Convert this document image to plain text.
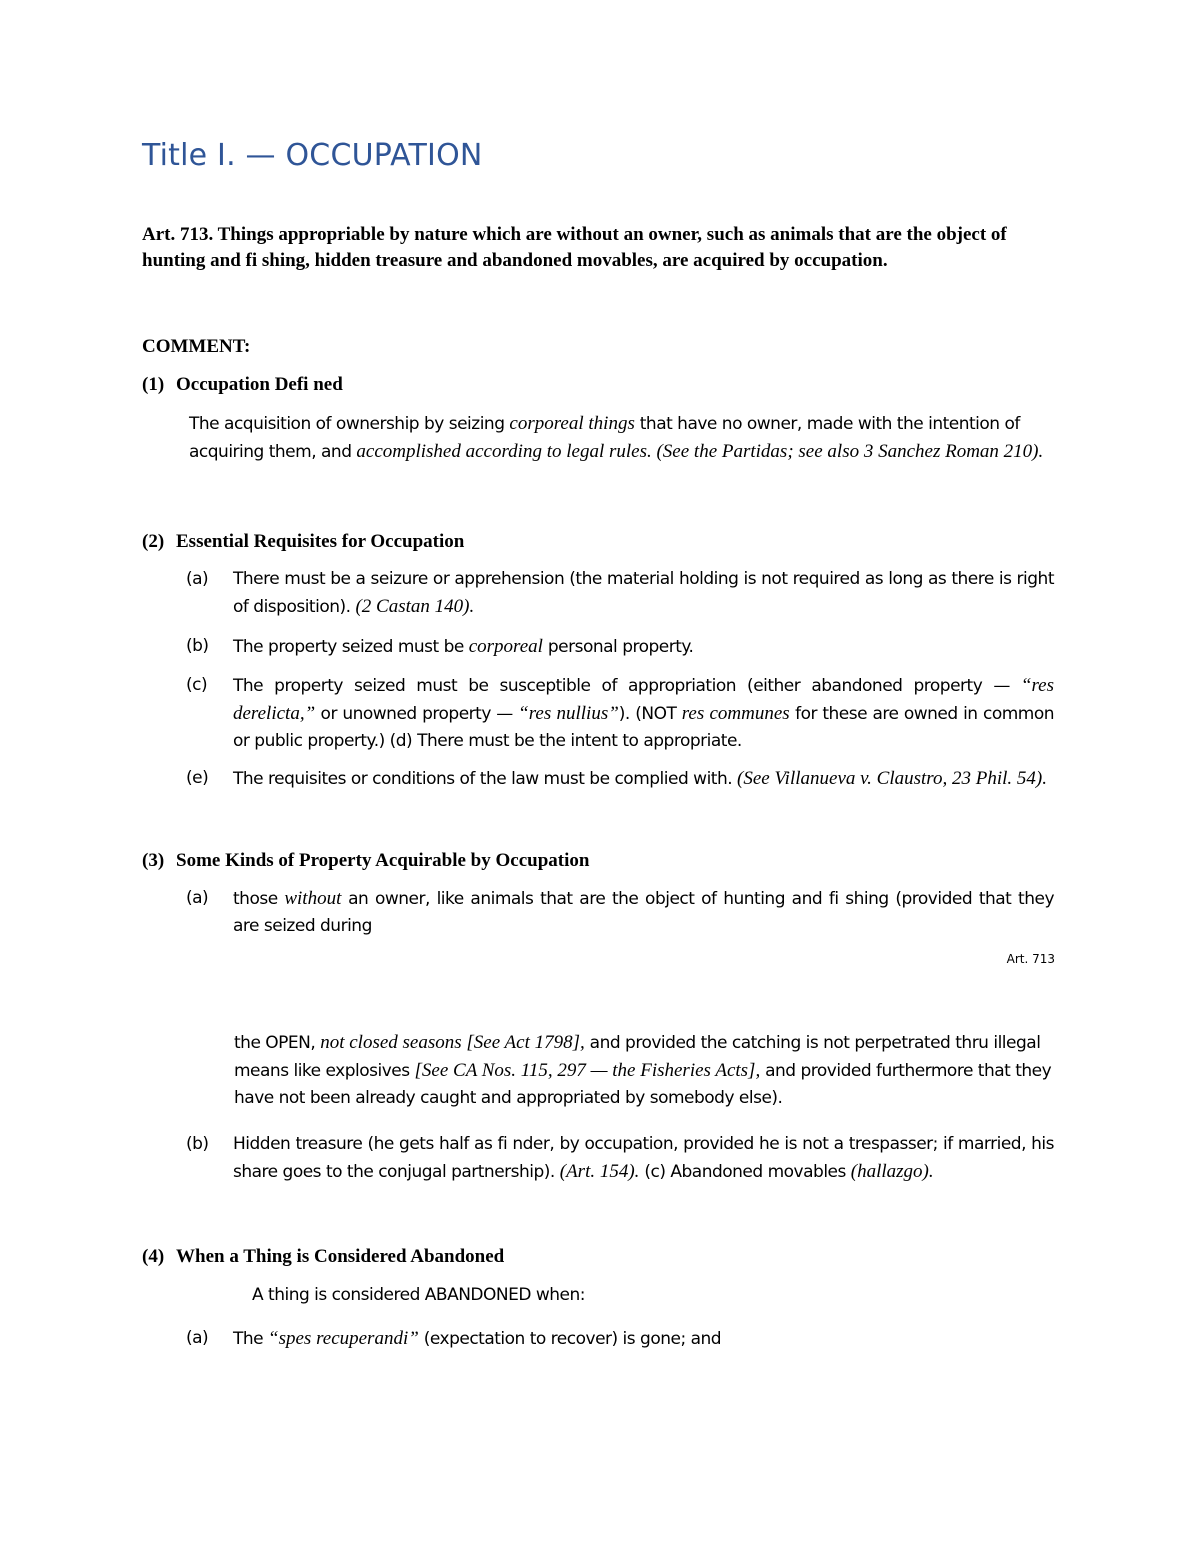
Title I. — OCCUPATION
Art. 713. Things appropriable by nature which are without an owner, such as animals that are the object of hunting and fi shing, hidden treasure and abandoned movables, are acquired by occupation.
COMMENT:
(1) Occupation Defi ned
The acquisition of ownership by seizing corporeal things that have no owner, made with the intention of acquiring them, and accomplished according to legal rules. (See the Partidas; see also 3 Sanchez Roman 210).
(2) Essential Requisites for Occupation
(a)	There must be a seizure or apprehension (the material holding is not required as long as there is right of disposition). (2 Castan 140).
(b)	The property seized must be corporeal personal property.
(c)	The property seized must be susceptible of appropriation (either abandoned property — “res derelicta,” or unowned property — “res nullius”). (NOT res communes for these are owned in common or public property.) (d) There must be the intent to appropriate.
(e)	The requisites or conditions of the law must be complied with. (See Villanueva v. Claustro, 23 Phil. 54).
(3) Some Kinds of Property Acquirable by Occupation
(a)	those without an owner, like animals that are the object of hunting and fi shing (provided that they are seized during
Art. 713
the OPEN, not closed seasons [See Act 1798], and provided the catching is not perpetrated thru illegal means like explosives [See CA Nos. 115, 297 — the Fisheries Acts], and provided furthermore that they have not been already caught and appropriated by somebody else).
(b)	Hidden treasure (he gets half as fi nder, by occupation, provided he is not a trespasser; if married, his share goes to the conjugal partnership). (Art. 154). (c) Abandoned movables (hallazgo).
(4) When a Thing is Considered Abandoned
A thing is considered ABANDONED when:
(a)	The “spes recuperandi” (expectation to recover) is gone; and
